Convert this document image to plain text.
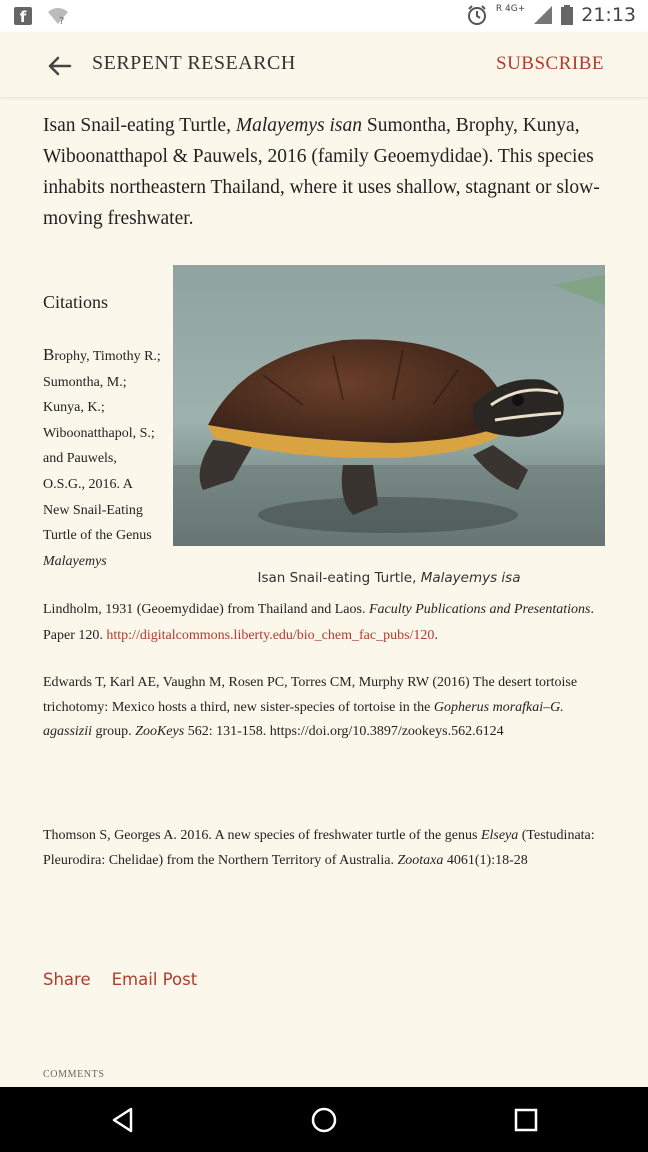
f	?
R 4G+	21:13
SERPENT RESEARCH	SUBSCRIBE

Isan Snail-eating Turtle, Malayemys isan Sumontha, Brophy, Kunya, Wiboonatthapol & Pauwels, 2016 (family Geoemydidae). This species inhabits northeastern Thailand, where it uses shallow, stagnant or slow-moving freshwater.

Citations
Isan Snail-eating Turtle, Malayemys isa
Brophy, Timothy R.; Sumontha, M.; Kunya, K.; Wiboonatthapol, S.; and Pauwels, O.S.G., 2016. A New Snail-Eating Turtle of the Genus Malayemys
Lindholm, 1931 (Geoemydidae) from Thailand and Laos. Faculty Publications and Presentations. Paper 120. http://digitalcommons.liberty.edu/bio_chem_fac_pubs/120.
Edwards T, Karl AE, Vaughn M, Rosen PC, Torres CM, Murphy RW (2016) The desert tortoise trichotomy: Mexico hosts a third, new sister-species of tortoise in the Gopherus morafkai–G. agassizii group. ZooKeys 562: 131-158. https://doi.org/10.3897/zookeys.562.6124
Thomson S, Georges A. 2016. A new species of freshwater turtle of the genus Elseya (Testudinata: Pleurodira: Chelidae) from the Northern Territory of Australia. Zootaxa 4061(1):18-28
Share Email Post
COMMENTS
